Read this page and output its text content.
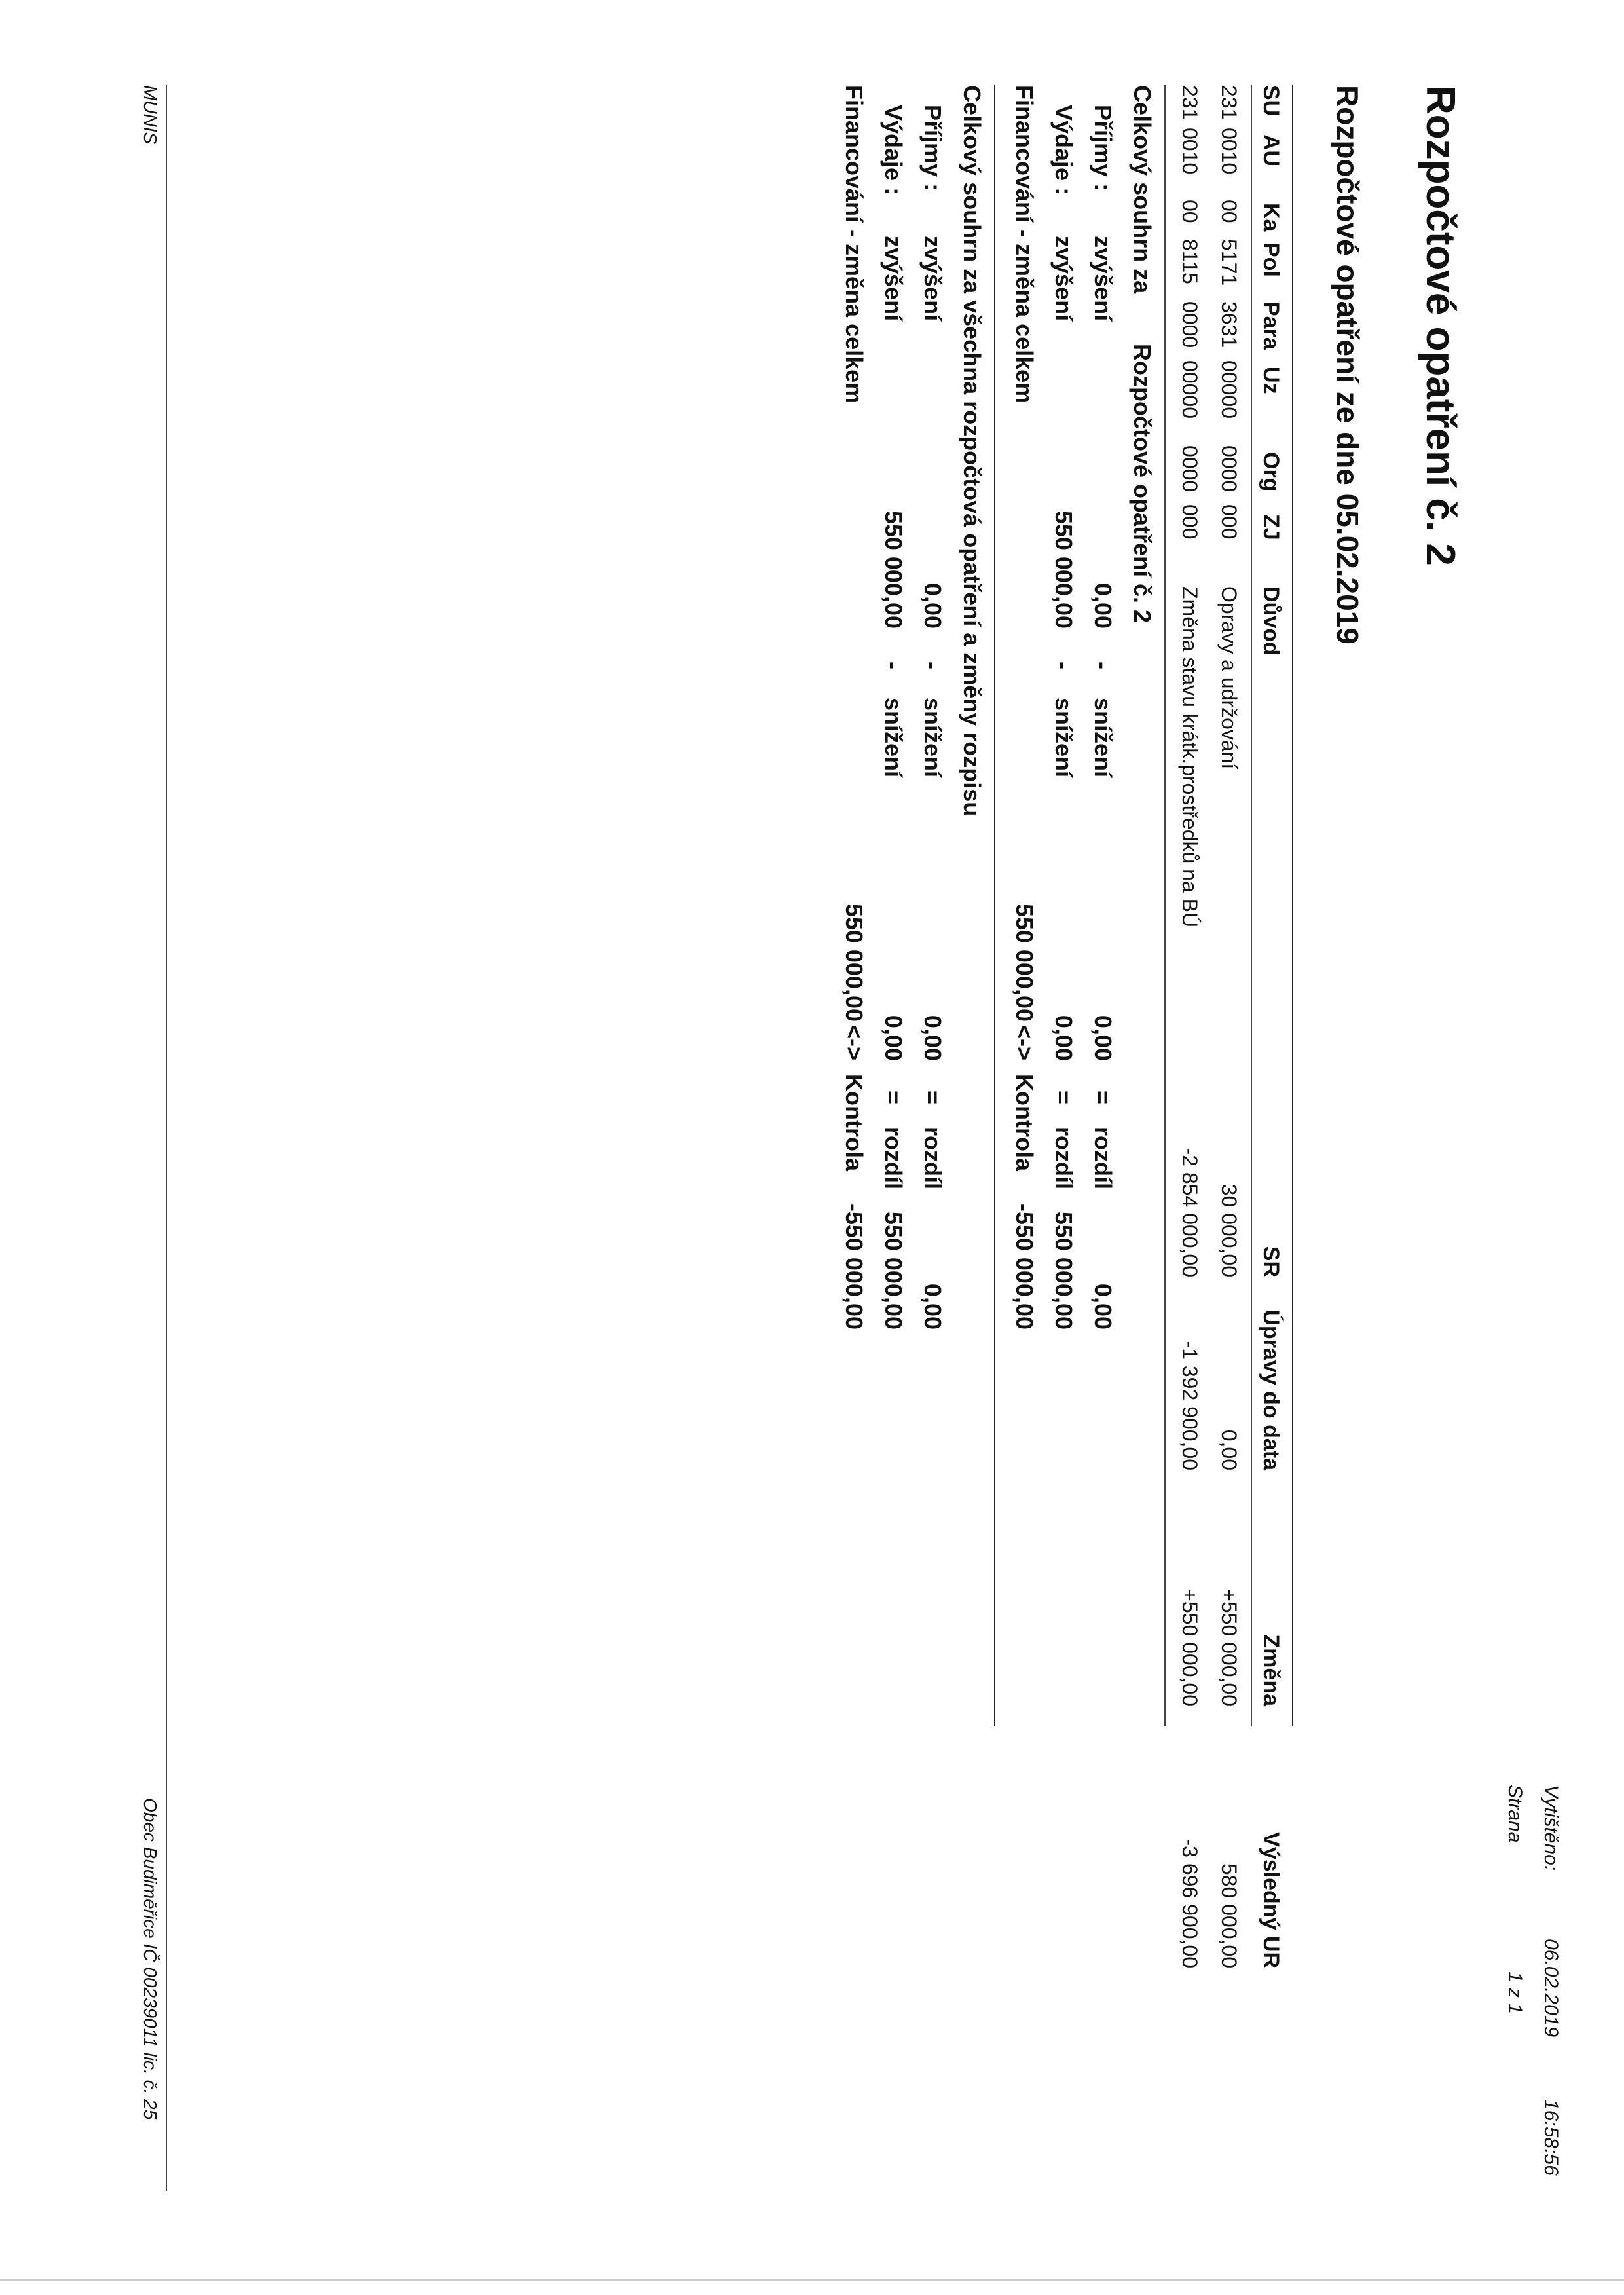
Vytištěno:
06.02.2019
16:58:56
Strana
1 z 1
Rozpočtové opatření č. 2
Rozpočtové opatření ze dne 05.02.2019
SU
AU
Ka
Pol
Para
Uz
Org
ZJ
Důvod
SR
Úpravy do data
Změna
Výsledný UR
231
0010
00
5171
3631
00000
0000
000
Opravy a udržování
30 000,00
0,00
+550 000,00
580 000,00
231
0010
00
8115
0000
00000
0000
000
Změna stavu krátk.prostředků na BÚ
-2 854 000,00
-1 392 900,00
+550 000,00
-3 696 900,00
Celkový souhrn za
Rozpočtové opatření č. 2
Příjmy :
zvýšení
0,00
-
snížení
0,00
=
rozdíl
0,00
Výdaje :
zvýšení
550 000,00
-
snížení
0,00
=
rozdíl
550 000,00
Financování - změna celkem
550 000,00
<->
Kontrola
-550 000,00
Celkový souhrn za všechna rozpočtová opatření a změny rozpisu
Příjmy :
zvýšení
0,00
-
snížení
0,00
=
rozdíl
0,00
Výdaje :
zvýšení
550 000,00
-
snížení
0,00
=
rozdíl
550 000,00
Financování - změna celkem
550 000,00
<->
Kontrola
-550 000,00
MUNIS
Obec Budiměřice IČ 00239011 lic. č. 25
